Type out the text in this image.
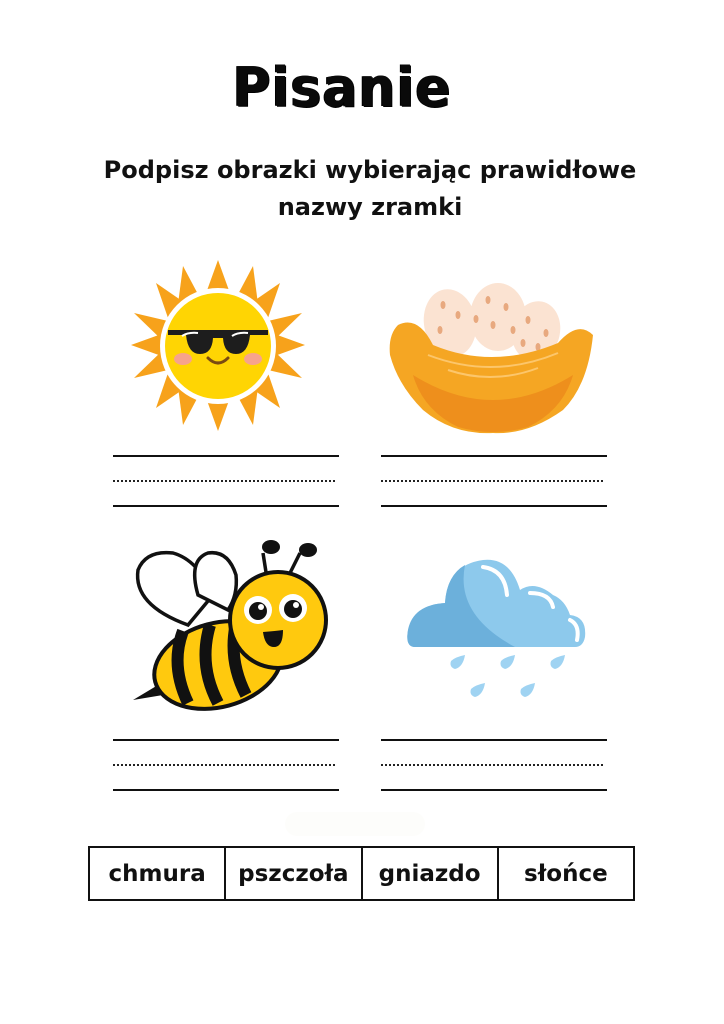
Pisanie
Podpisz obrazki wybierając prawidłowe
nazwy zramki
chmura	pszczoła	gniazdo	słońce
